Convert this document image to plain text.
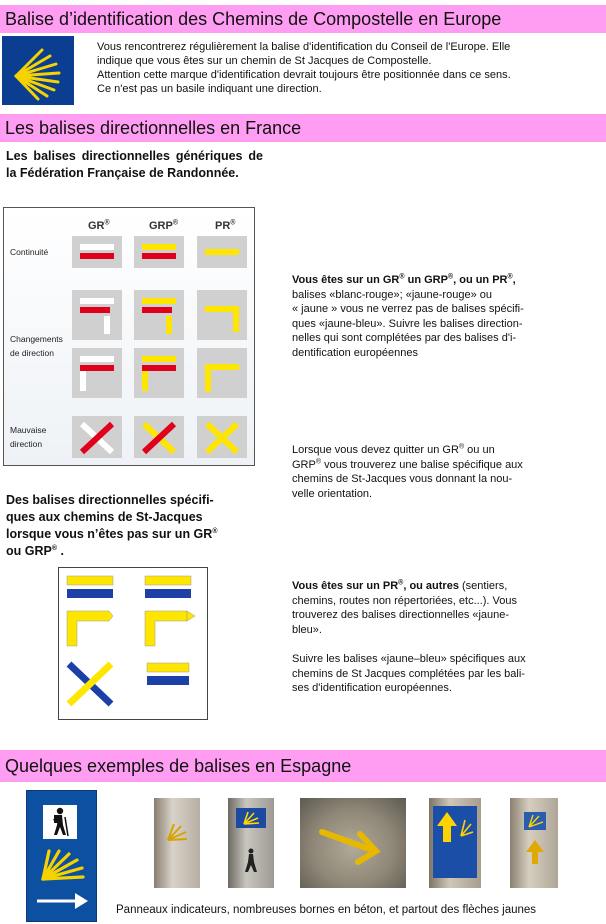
Balise d’identification des Chemins de Compostelle en Europe
Vous rencontrerez régulièrement la balise d'identification du Conseil de l'Europe. Elle
indique que vous êtes sur un chemin de St Jacques de Compostelle.
Attention cette marque d'identification devrait toujours être positionnée dans ce sens.
Ce n'est pas un basile indiquant une direction.
Les balises directionnelles en France
Les balises directionnelles génériques de la Fédération Française de Randonnée.
GR®	GRP®	PR®
Continuité
Changements
de direction
Mauvaise
direction
Vous êtes sur un GR® un GRP®, ou un PR®,
balises «blanc-rouge»; «jaune-rouge» ou
« jaune » vous ne verrez pas de balises spécifi-
ques «jaune-bleu». Suivre les balises direction-
nelles qui sont complétées par des balises d'i-
dentification européennes
Lorsque vous devez quitter un GR® ou un
GRP® vous trouverez une balise spécifique aux
chemins de St-Jacques vous donnant la nou-
velle orientation.
Des balises directionnelles spécifi-
ques aux chemins de St-Jacques
lorsque vous n’êtes pas sur un GR®
ou GRP® .
Vous êtes sur un PR®, ou autres (sentiers,
chemins, routes non répertoriées, etc...). Vous
trouverez des balises directionnelles «jaune-
bleu».
Suivre les balises «jaune–bleu» spécifiques aux
chemins de St Jacques complétées par les bali-
ses d'identification européennes.
Quelques exemples de balises en Espagne
Panneaux indicateurs, nombreuses bornes en béton, et partout des flèches jaunes
